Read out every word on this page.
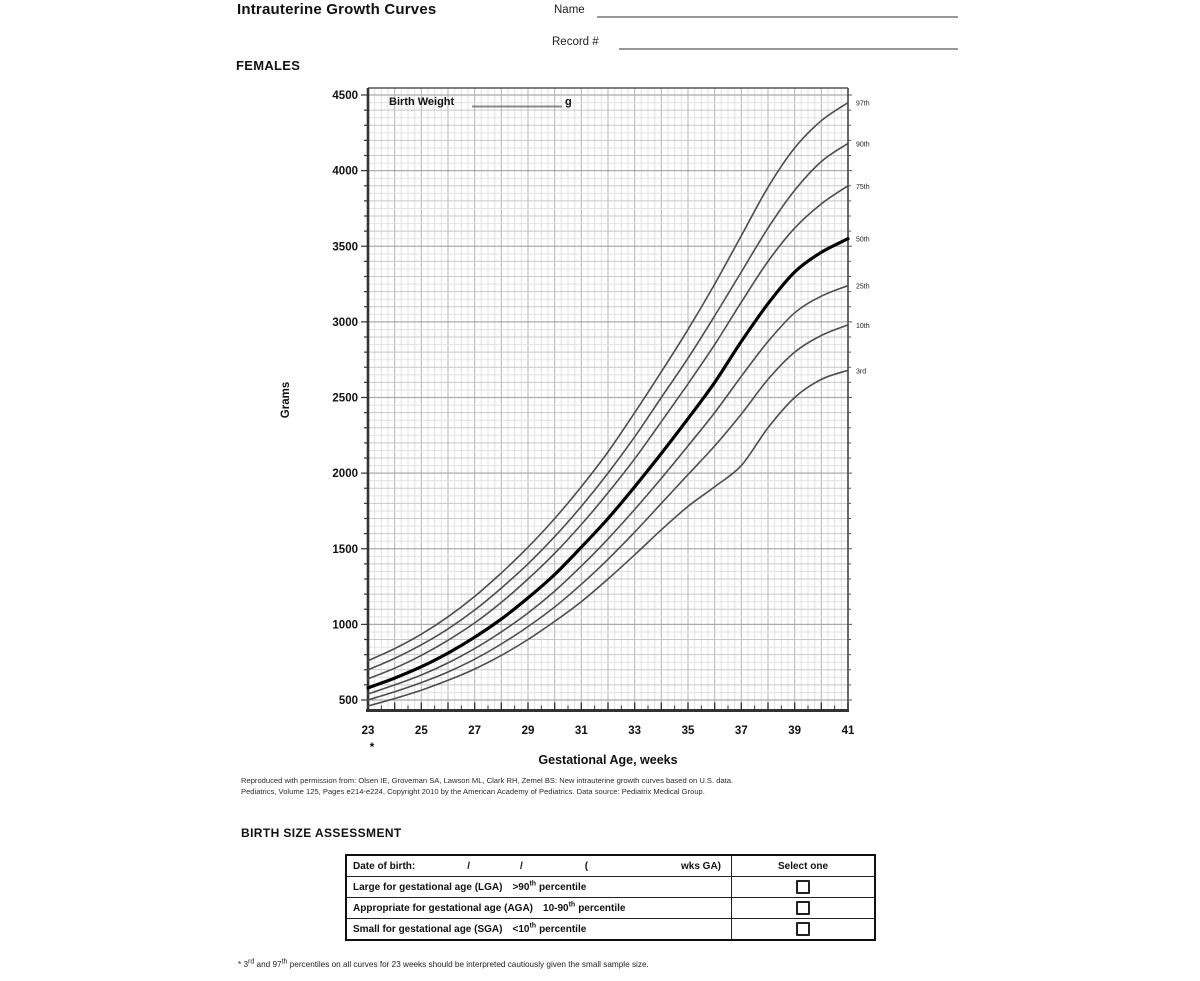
Intrauterine Growth Curves	Name
Record #
FEMALES
97th
90th
75th
50th
25th
10th
3rd
500
1000
1500
2000
2500
3000
3500
4000
4500
23	25	27	29	31	33	35	37	39	41
*
Grams
Gestational Age, weeks
Birth Weight	g
Reproduced with permission from: Olsen IE, Groveman SA, Lawson ML, Clark RH, Zemel BS: New intrauterine growth curves based on U.S. data.
Pediatrics, Volume 125, Pages e214-e224, Copyright 2010 by the American Academy of Pediatrics. Data source: Pediatrix Medical Group.
BIRTH SIZE ASSESSMENT
Date of birth: / / ( wks GA)	Select one
Large for gestational age (LGA) >90th percentile	

Appropriate for gestational age (AGA) 10-90th percentile	

Small for gestational age (SGA) <10th percentile	
* 3rd and 97th percentiles on all curves for 23 weeks should be interpreted cautiously given the small sample size.
